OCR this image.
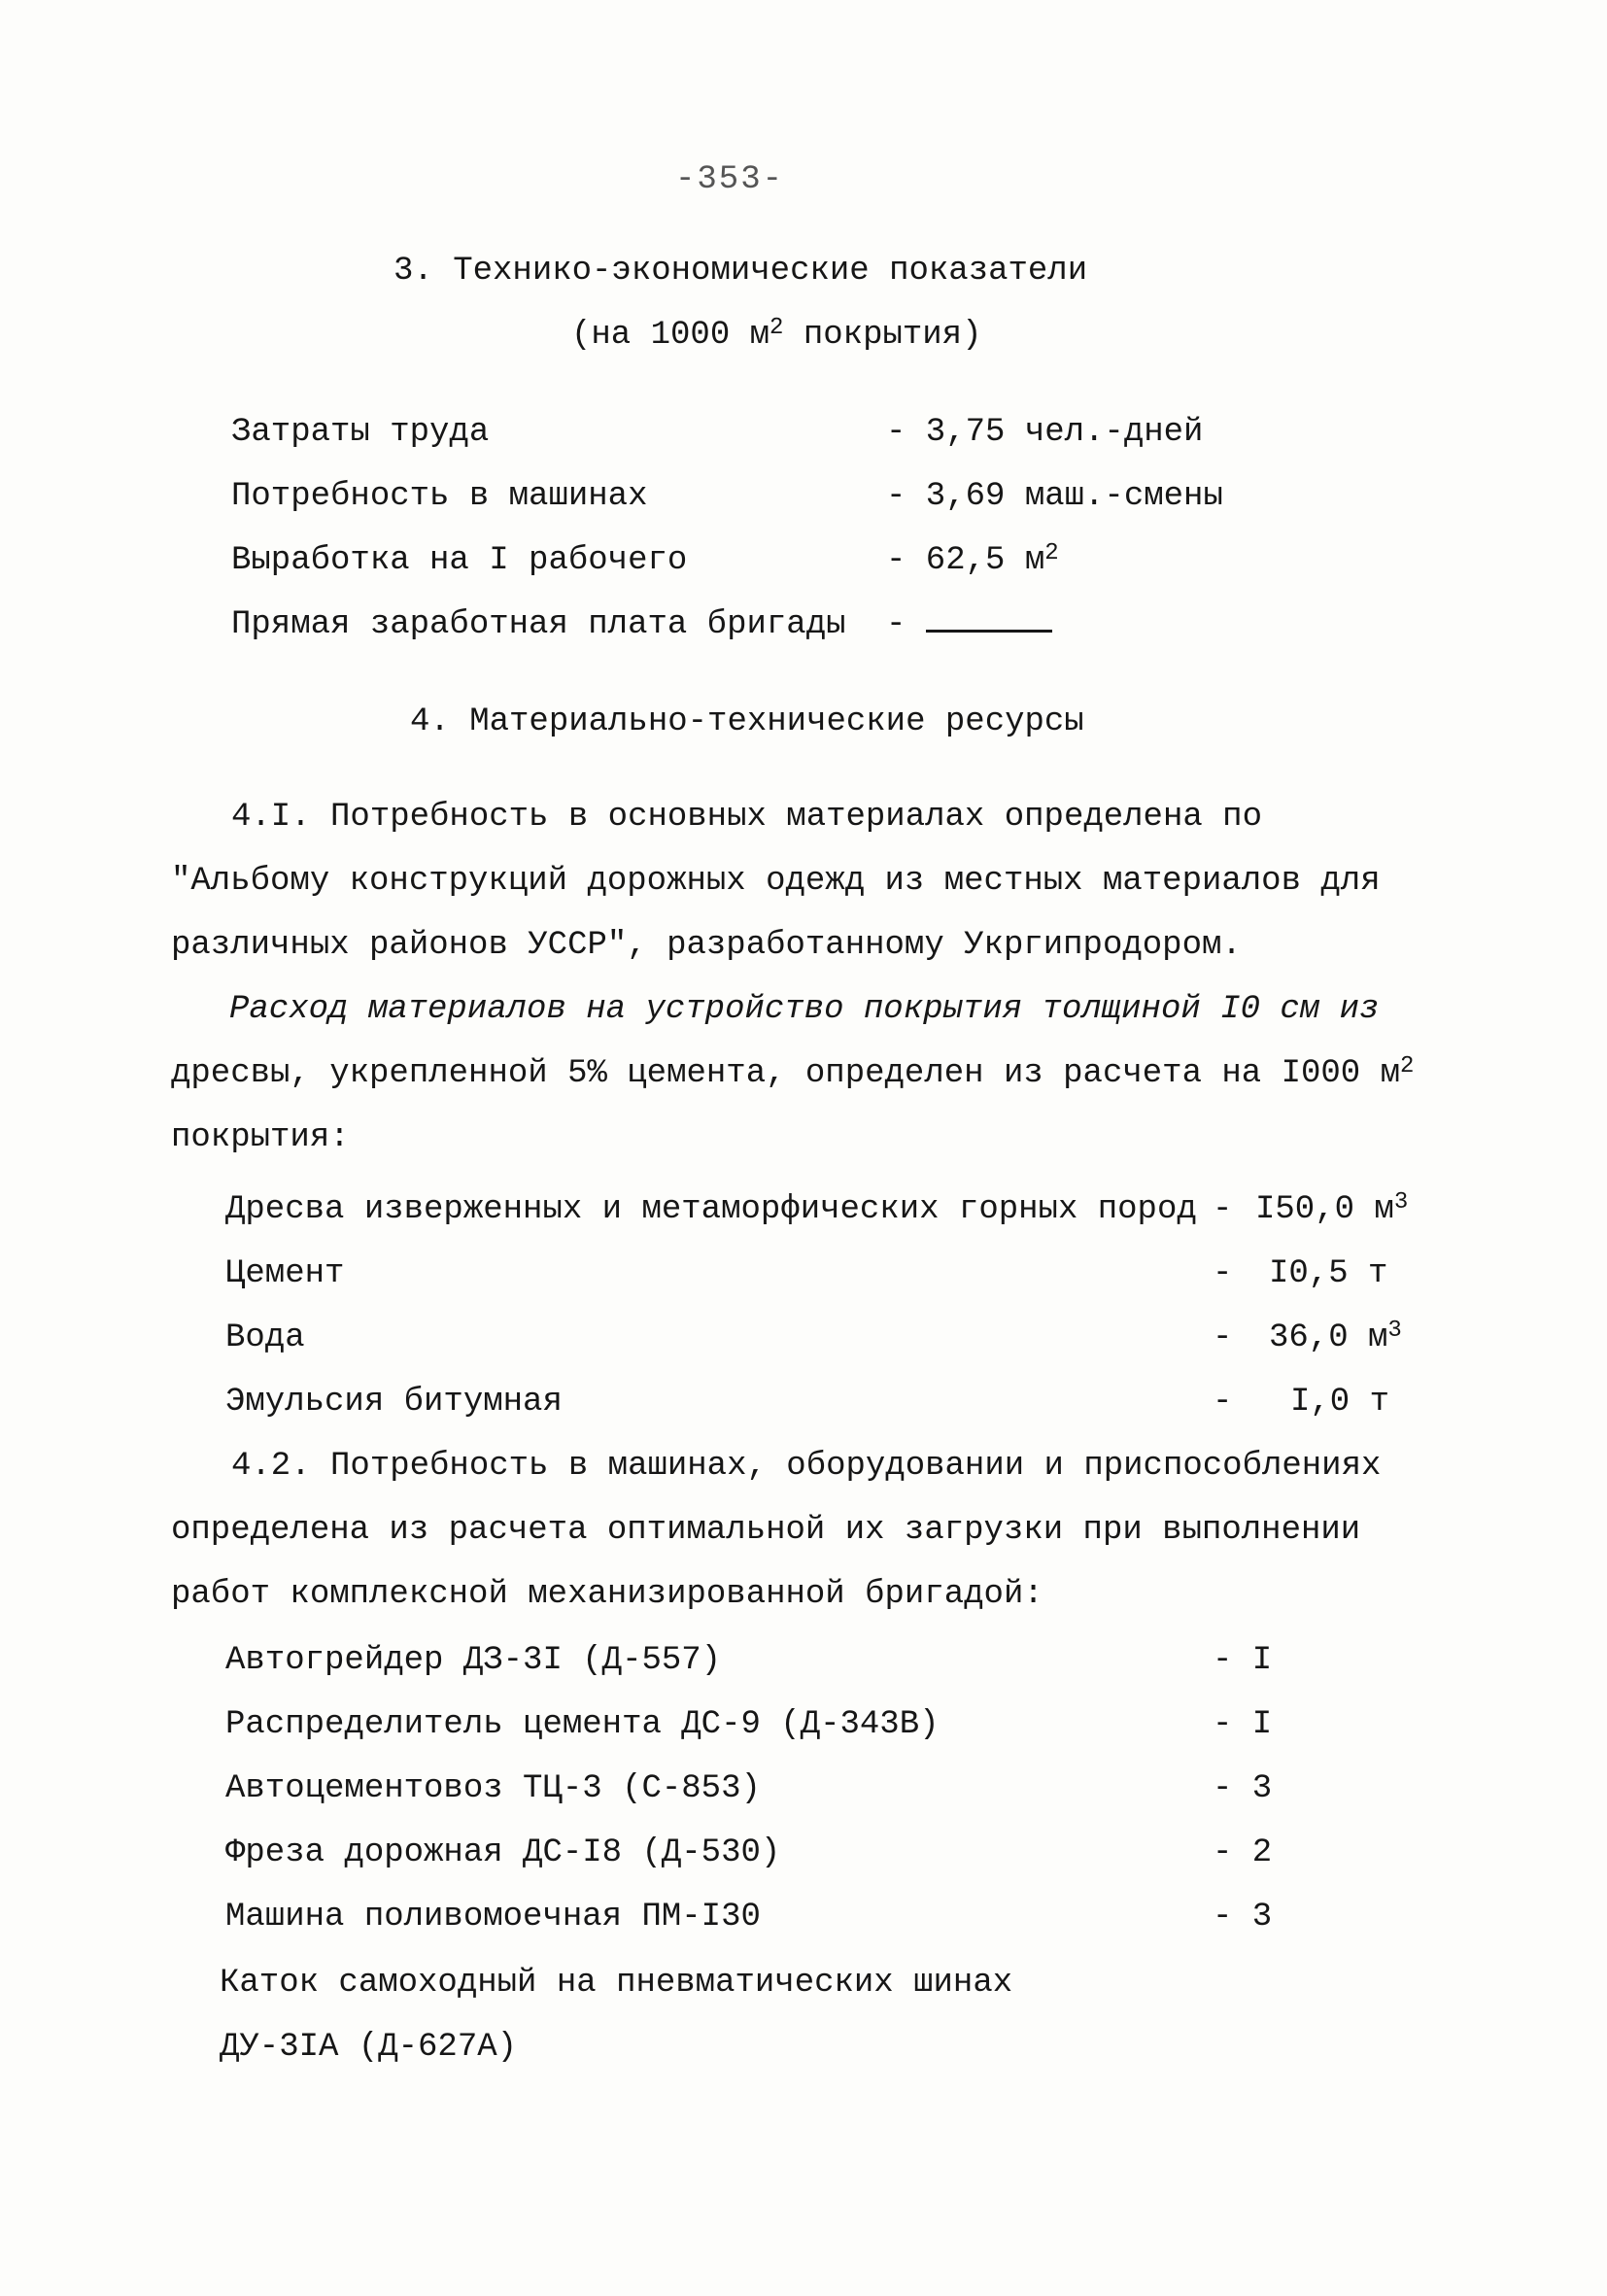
-353-
3. Технико-экономические показатели
(на 1000 $м^2$ покрытия)
Затраты труда	- 3,75 чел.-дней
Потребность в машинах	- 3,69 маш.-смены
Выработка на I рабочего	- 62,5 $м^2$
Прямая заработная плата бригады -
4. Материально-технические ресурсы
4.I. Потребность в основных материалах определена по
"Альбому конструкций дорожных одежд из местных материалов для
различных районов УССР", разработанному Укргипродором.
Расход материалов на устройство покрытия толщиной I0 см из
дресвы, укрепленной 5% цемента, определен из расчета на I000 $м^2$
покрытия:
Дресва изверженных и метаморфических горных пород - I50,0 $м^3$
Цемент	- I0,5 т
Вода	- 36,0 $м^3$
Эмульсия битумная	- I,0 т
4.2. Потребность в машинах, оборудовании и приспособлениях
определена из расчета оптимальной их загрузки при выполнении
работ комплексной механизированной бригадой:
Автогрейдер ДЗ-3I (Д-557)	- I
Распределитель цемента ДС-9 (Д-343В)	- I
Автоцементовоз ТЦ-3 (С-853)	- 3
Фреза дорожная ДС-I8 (Д-530)	- 2
Машина поливомоечная ПМ-I30	- 3
Каток самоходный на пневматических шинах
ДУ-3IА (Д-627А)
